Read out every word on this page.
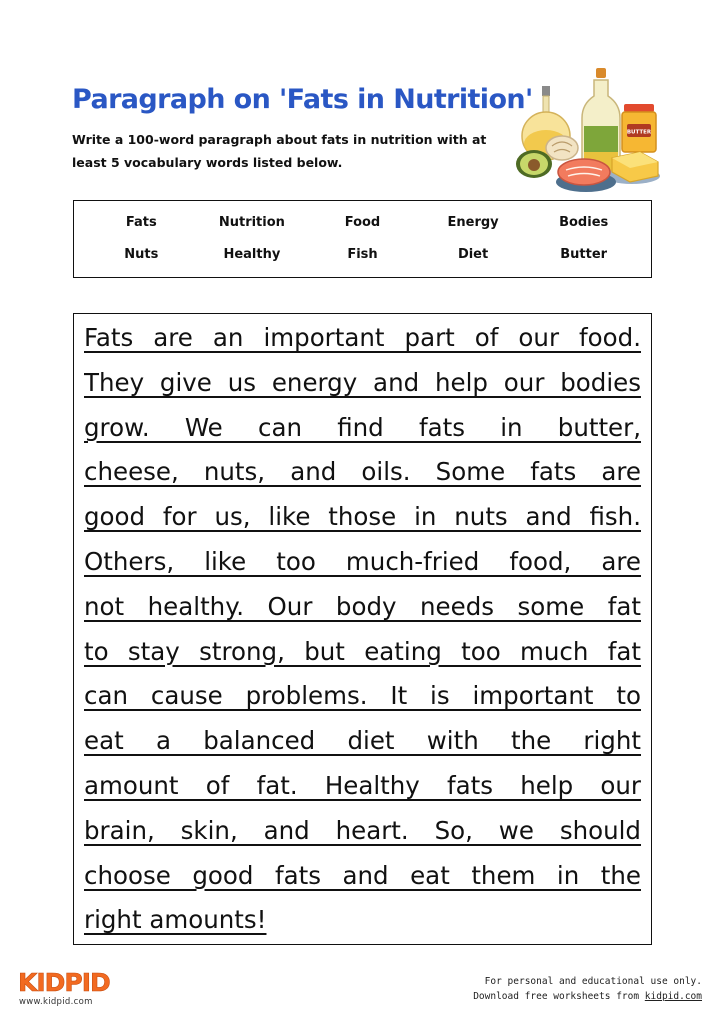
Paragraph on 'Fats in Nutrition'
Write a 100-word paragraph about fats in nutrition with at least 5 vocabulary words listed below.
BUTTER
Fats	Nutrition	Food	Energy	Bodies
Nuts	Healthy	Fish	Diet	Butter
Fats are an important part of our food.
They give us energy and help our bodies
grow. We can find fats in butter,
cheese, nuts, and oils. Some fats are
good for us, like those in nuts and fish.
Others, like too much-fried food, are
not healthy. Our body needs some fat
to stay strong, but eating too much fat
can cause problems. It is important to
eat a balanced diet with the right
amount of fat. Healthy fats help our
brain, skin, and heart. So, we should
choose good fats and eat them in the
right amounts!
KIDPID
www.kidpid.com
For personal and educational use only.
Download free worksheets from kidpid.com
